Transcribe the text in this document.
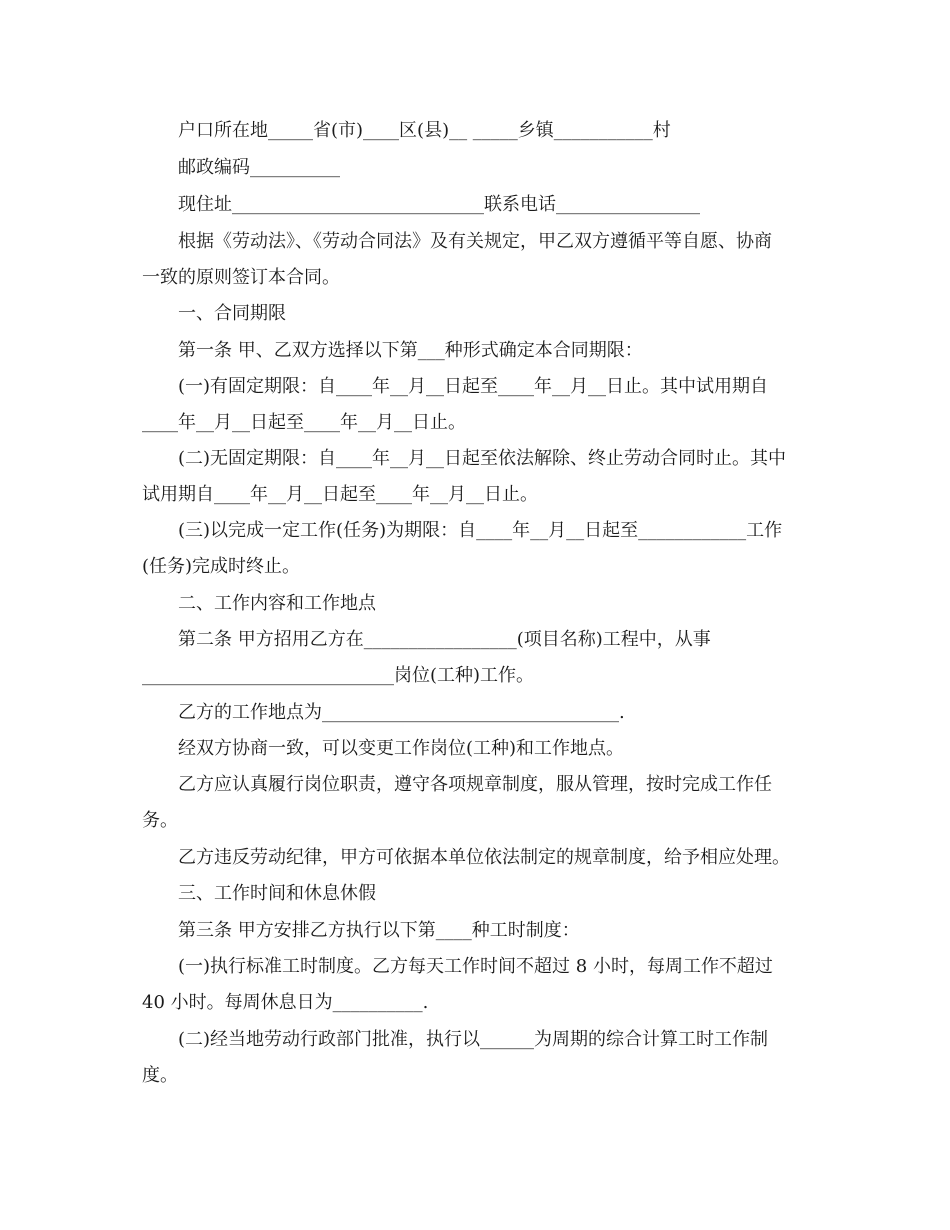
户口所在地_____省(市)____区(县)__ _____乡镇___________村
邮政编码__________
现住址____________________________联系电话________________
根据《劳动法》、《劳动合同法》及有关规定，甲乙双方遵循平等自愿、协商
一致的原则签订本合同。
一、合同期限
第一条 甲、乙双方选择以下第___种形式确定本合同期限：
(一)有固定期限：自____年__月__日起至____年__月__日止。其中试用期自
____年__月__日起至____年__月__日止。
(二)无固定期限：自____年__月__日起至依法解除、终止劳动合同时止。其中
试用期自____年__月__日起至____年__月__日止。
(三)以完成一定工作(任务)为期限：自____年__月__日起至____________工作
(任务)完成时终止。
二、工作内容和工作地点
第二条 甲方招用乙方在_________________(项目名称)工程中，从事
____________________________岗位(工种)工作。
乙方的工作地点为_________________________________.
经双方协商一致，可以变更工作岗位(工种)和工作地点。
乙方应认真履行岗位职责，遵守各项规章制度，服从管理，按时完成工作任
务。
乙方违反劳动纪律，甲方可依据本单位依法制定的规章制度，给予相应处理。
三、工作时间和休息休假
第三条 甲方安排乙方执行以下第____种工时制度：
(一)执行标准工时制度。乙方每天工作时间不超过 8 小时，每周工作不超过
40 小时。每周休息日为__________.
(二)经当地劳动行政部门批准，执行以______为周期的综合计算工时工作制
度。
